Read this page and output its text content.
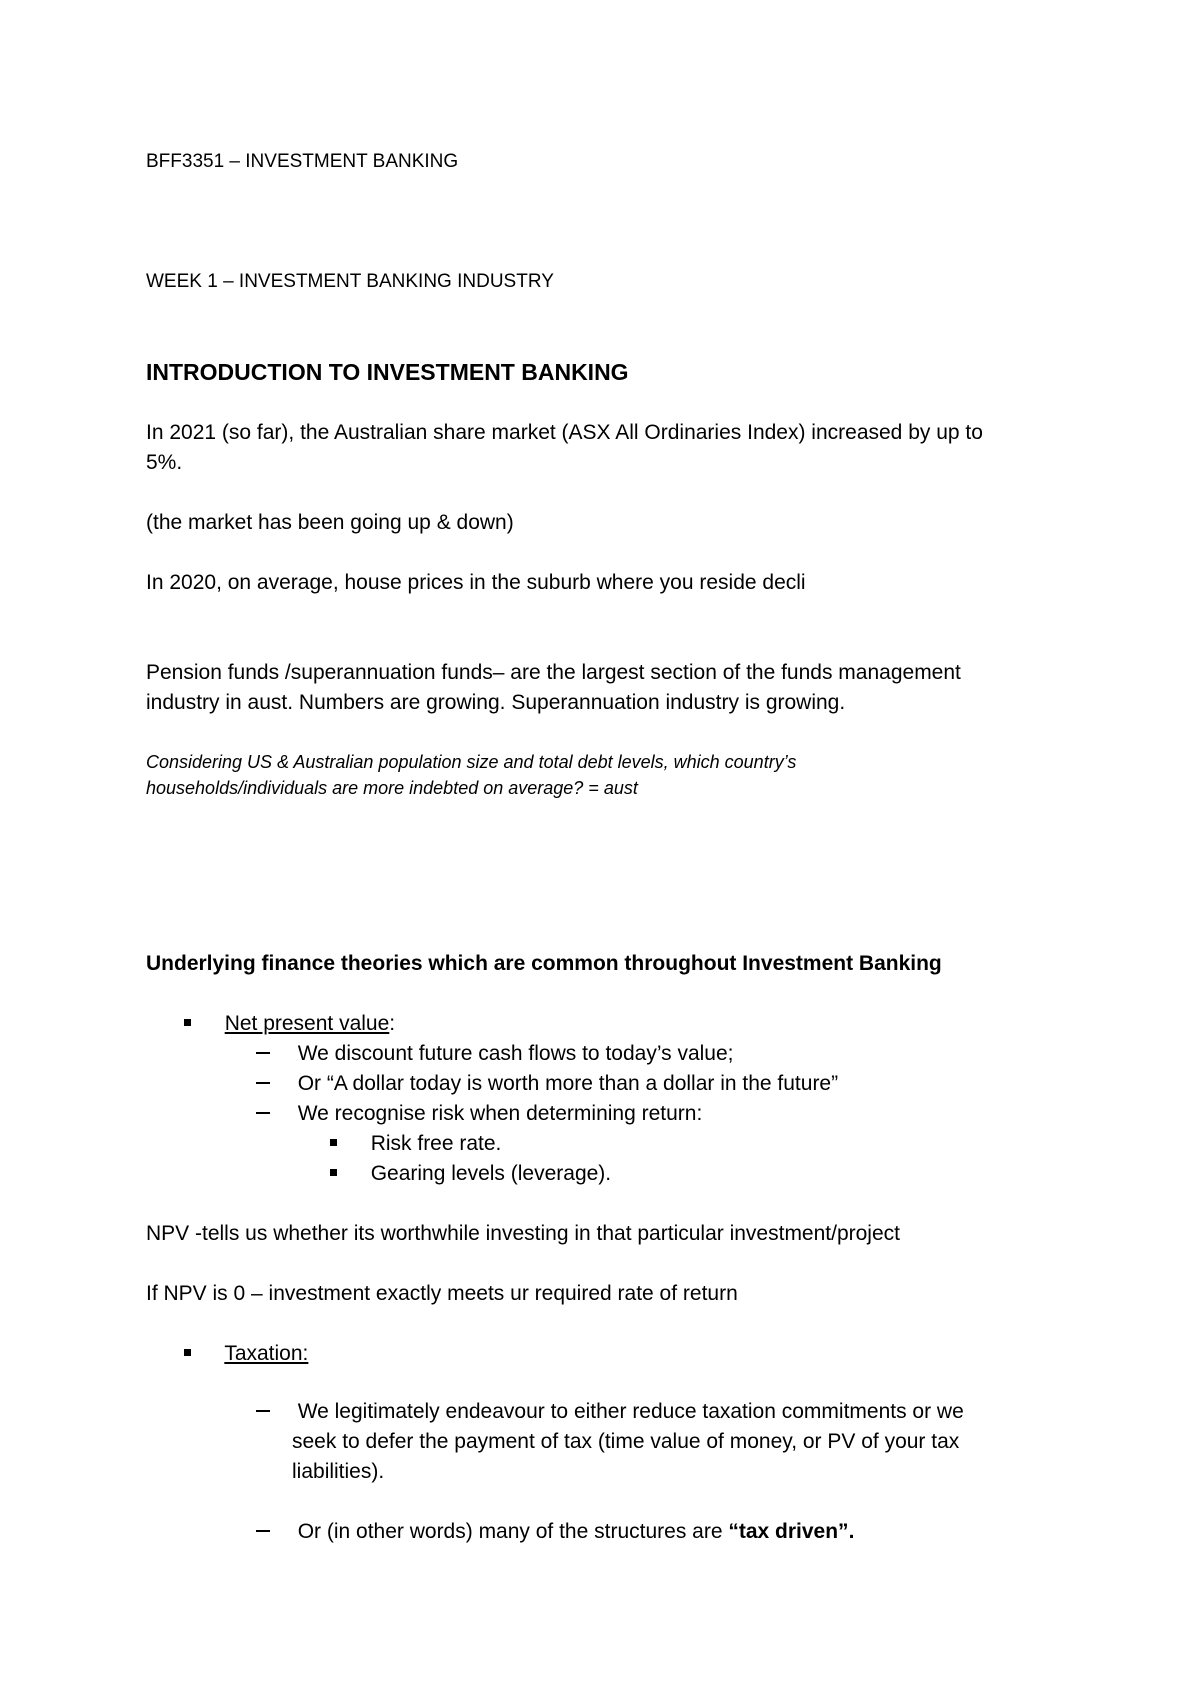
BFF3351 – INVESTMENT BANKING
WEEK 1 – INVESTMENT BANKING INDUSTRY
INTRODUCTION TO INVESTMENT BANKING
In 2021 (so far), the Australian share market (ASX All Ordinaries Index) increased by up to
5%.
(the market has been going up & down)
In 2020, on average, house prices in the suburb where you reside decli
Pension funds /superannuation funds– are the largest section of the funds management
industry in aust. Numbers are growing. Superannuation industry is growing.
Considering US & Australian population size and total debt levels, which country’s
households/individuals are more indebted on average? = aust
Underlying finance theories which are common throughout Investment Banking
Net present value:
We discount future cash flows to today’s value;
Or “A dollar today is worth more than a dollar in the future”
We recognise risk when determining return:
Risk free rate.
Gearing levels (leverage).
NPV -tells us whether its worthwhile investing in that particular investment/project
If NPV is 0 – investment exactly meets ur required rate of return
Taxation:
We legitimately endeavour to either reduce taxation commitments or we
seek to defer the payment of tax (time value of money, or PV of your tax
liabilities).
Or (in other words) many of the structures are “tax driven”.
